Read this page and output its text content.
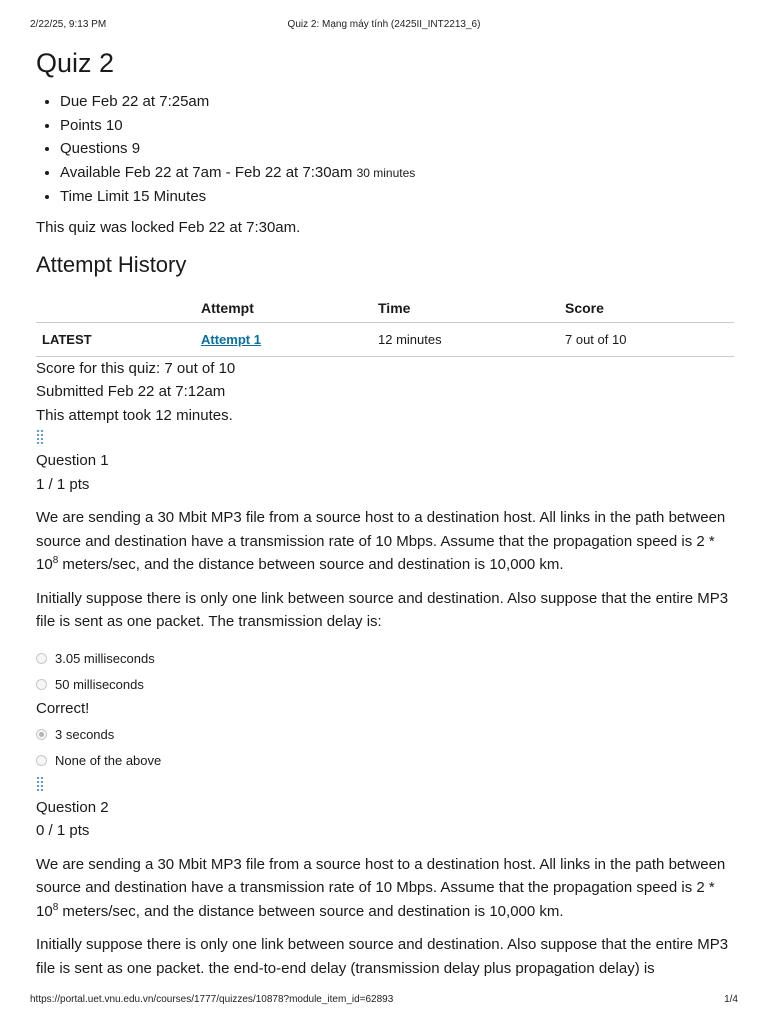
2/22/25, 9:13 PM	Quiz 2: Mạng máy tính (2425II_INT2213_6)
Quiz 2
• Due Feb 22 at 7:25am
• Points 10
• Questions 9
• Available Feb 22 at 7am - Feb 22 at 7:30am 30 minutes
• Time Limit 15 Minutes
This quiz was locked Feb 22 at 7:30am.
Attempt History
	Attempt	Time	Score
LATEST	Attempt 1	12 minutes	7 out of 10
Score for this quiz: 7 out of 10
Submitted Feb 22 at 7:12am
This attempt took 12 minutes.
Question 1
1 / 1 pts
We are sending a 30 Mbit MP3 file from a source host to a destination host. All links in the path between source and destination have a transmission rate of 10 Mbps. Assume that the propagation speed is $2 * 10^8$ meters/sec, and the distance between source and destination is 10,000 km.
Initially suppose there is only one link between source and destination. Also suppose that the entire MP3 file is sent as one packet. The transmission delay is:
3.05 milliseconds
50 milliseconds
Correct!
3 seconds
None of the above
Question 2
0 / 1 pts
We are sending a 30 Mbit MP3 file from a source host to a destination host. All links in the path between source and destination have a transmission rate of 10 Mbps. Assume that the propagation speed is $2 * 10^8$ meters/sec, and the distance between source and destination is 10,000 km.
Initially suppose there is only one link between source and destination. Also suppose that the entire MP3 file is sent as one packet. the end-to-end delay (transmission delay plus propagation delay) is
https://portal.uet.vnu.edu.vn/courses/1777/quizzes/10878?module_item_id=62893	1/4
